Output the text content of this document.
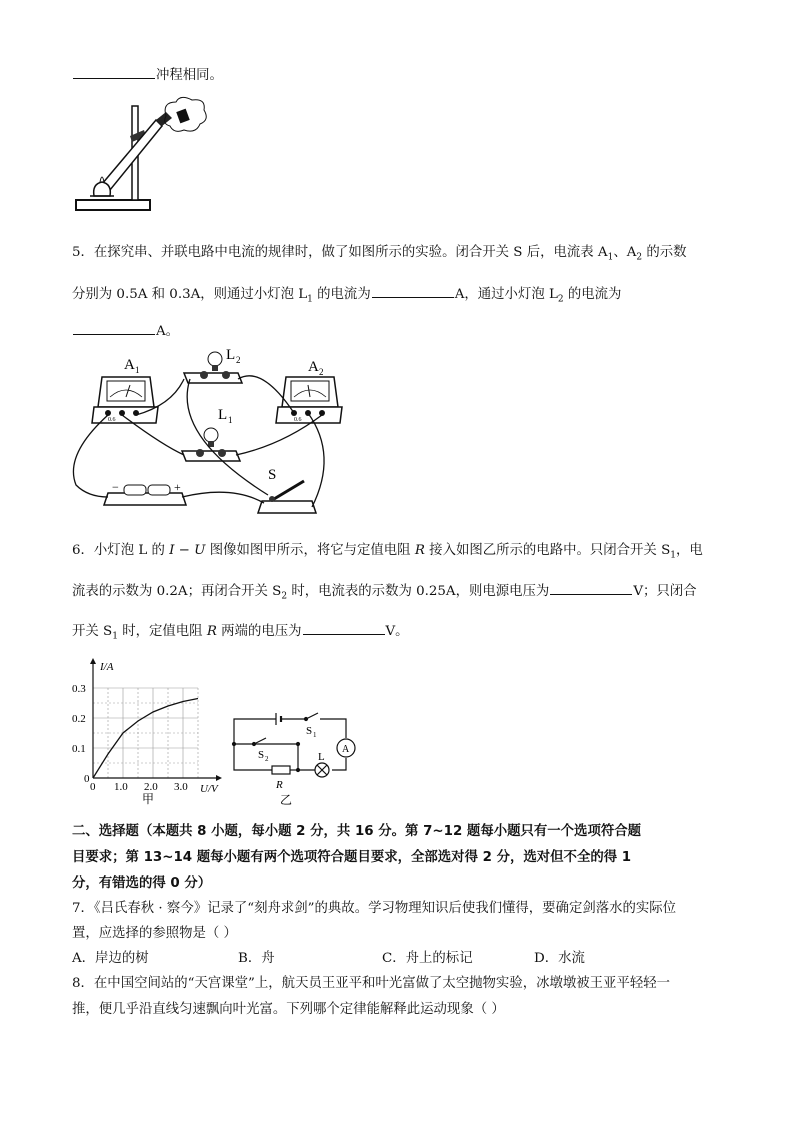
冲程相同。
5．在探究串、并联电路中电流的规律时，做了如图所示的实验。闭合开关 S 后，电流表 $A_1$、$A_2$ 的示数
分别为 0.5A 和 0.3A，则通过小灯泡 $L_1$ 的电流为	A，通过小灯泡 $L_2$ 的电流为
A。
A 1
0.6
L 2	A 2
0.6
L 1
−	+
S
6．小灯泡 L 的 I − U 图像如图甲所示，将它与定值电阻 R 接入如图乙所示的电路中。只闭合开关 $S_1$，电
流表的示数为 0.2A；再闭合开关 $S_2$ 时，电流表的示数为 0.25A，则电源电压为	V；只闭合
开关 $S_1$ 时，定值电阻 R 两端的电压为	V。
I/A
U/V
0.3
0.2
0.1
0
0 1.0 2.0 3.0
甲
S 1
S 2
A
L
R
乙
二、选择题（本题共 8 小题，每小题 2 分，共 16 分。第 7~12 题每小题只有一个选项符合题
目要求；第 13~14 题每小题有两个选项符合题目要求，全部选对得 2 分，选对但不全的得 1
分，有错选的得 0 分）
7．《吕氏春秋 · 察今》记录了“刻舟求剑”的典故。学习物理知识后使我们懂得，要确定剑落水的实际位
置，应选择的参照物是（ ）
A．岸边的树	B．舟	C．舟上的标记	D．水流
8．在中国空间站的“天宫课堂”上，航天员王亚平和叶光富做了太空抛物实验，冰墩墩被王亚平轻轻一
推，便几乎沿直线匀速飘向叶光富。下列哪个定律能解释此运动现象（ ）
